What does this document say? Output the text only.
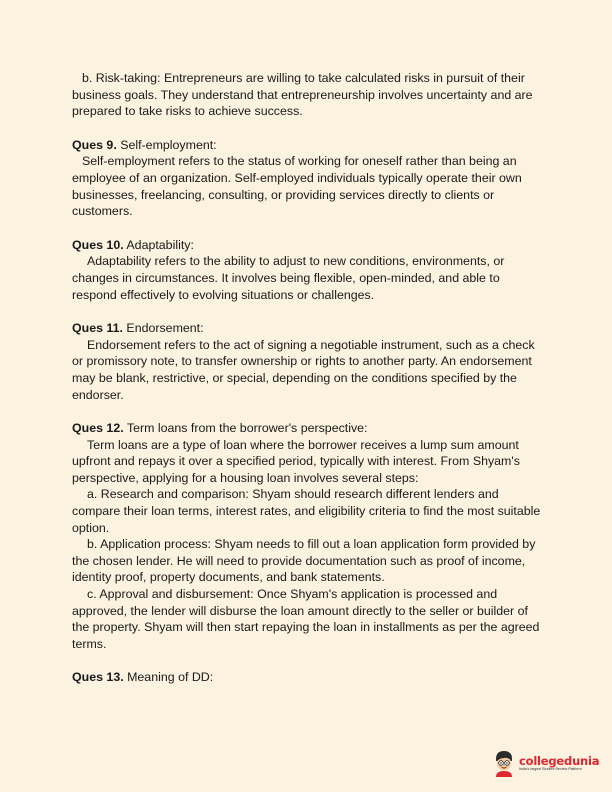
b. Risk-taking: Entrepreneurs are willing to take calculated risks in pursuit of their business goals. They understand that entrepreneurship involves uncertainty and are prepared to take risks to achieve success.

Ques 9. Self-employment:

Self-employment refers to the status of working for oneself rather than being an employee of an organization. Self-employed individuals typically operate their own businesses, freelancing, consulting, or providing services directly to clients or customers.

Ques 10. Adaptability:

Adaptability refers to the ability to adjust to new conditions, environments, or changes in circumstances. It involves being flexible, open-minded, and able to respond effectively to evolving situations or challenges.

Ques 11. Endorsement:

Endorsement refers to the act of signing a negotiable instrument, such as a check or promissory note, to transfer ownership or rights to another party. An endorsement may be blank, restrictive, or special, depending on the conditions specified by the endorser.

Ques 12. Term loans from the borrower's perspective:

Term loans are a type of loan where the borrower receives a lump sum amount upfront and repays it over a specified period, typically with interest. From Shyam's perspective, applying for a housing loan involves several steps:

a. Research and comparison: Shyam should research different lenders and compare their loan terms, interest rates, and eligibility criteria to find the most suitable option.

b. Application process: Shyam needs to fill out a loan application form provided by the chosen lender. He will need to provide documentation such as proof of income, identity proof, property documents, and bank statements.

c. Approval and disbursement: Once Shyam's application is processed and approved, the lender will disburse the loan amount directly to the seller or builder of the property. Shyam will then start repaying the loan in installments as per the agreed terms.

Ques 13. Meaning of DD:

collegedunia
India's largest Student Review Platform
